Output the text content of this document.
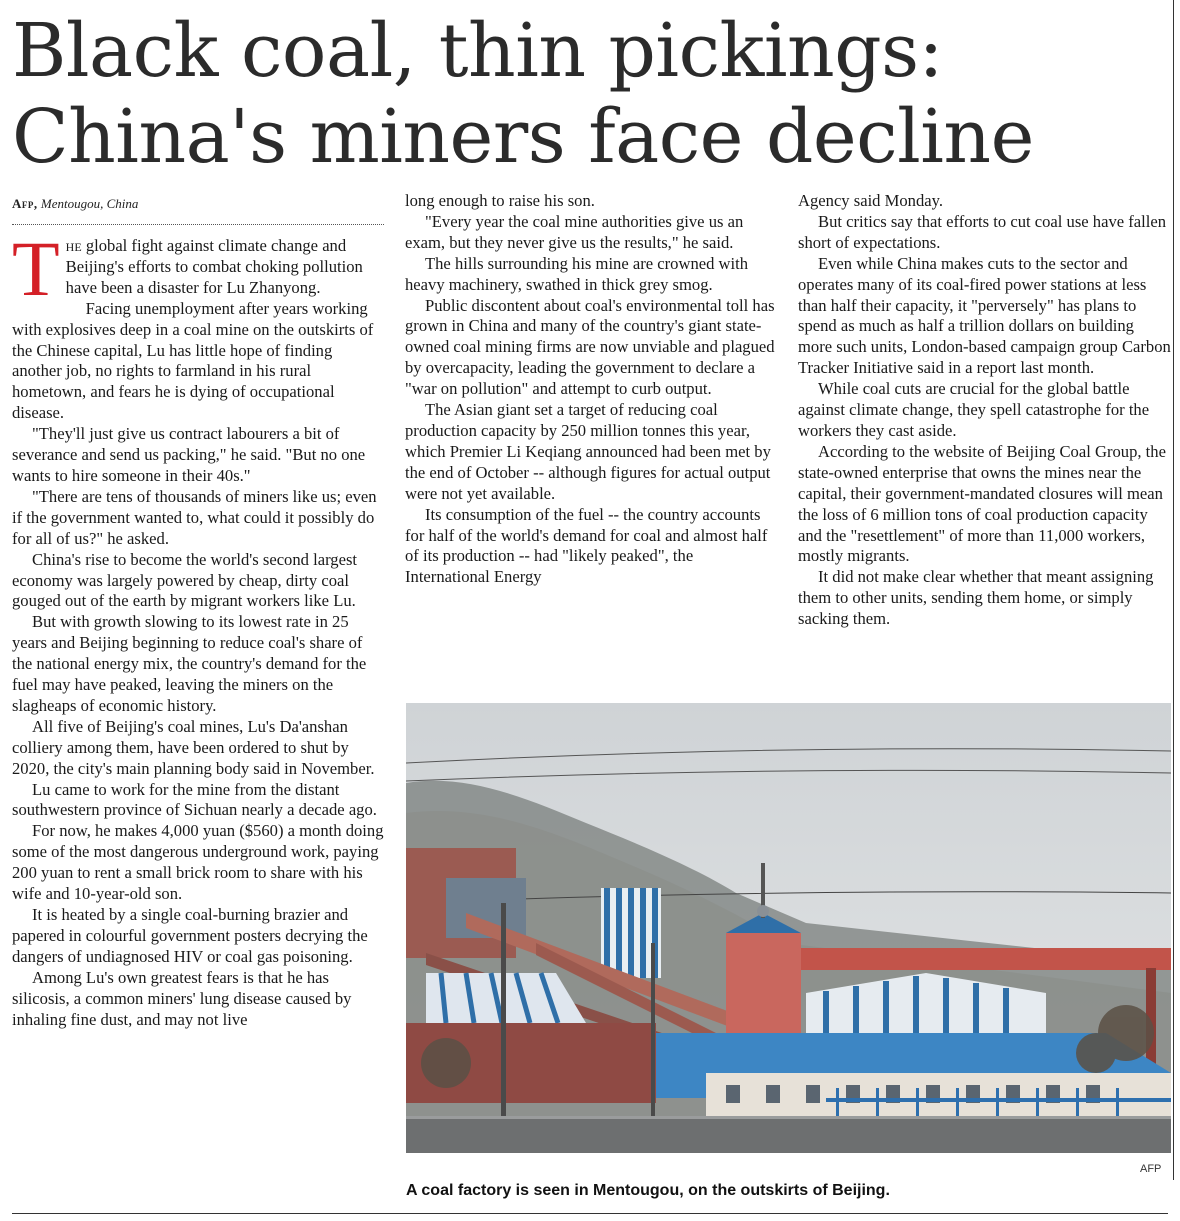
Black coal, thin pickings: China's miners face decline
Afp, Mentougou, China

T he global fight against climate change and Beijing's efforts to combat choking pollution have been a disaster for Lu Zhanyong.

Facing unemployment after years working with explosives deep in a coal mine on the outskirts of the Chinese capital, Lu has little hope of finding another job, no rights to farmland in his rural hometown, and fears he is dying of occupational disease.

"They'll just give us contract labourers a bit of severance and send us packing," he said. "But no one wants to hire someone in their 40s."

"There are tens of thousands of miners like us; even if the government wanted to, what could it possibly do for all of us?" he asked.

China's rise to become the world's second largest economy was largely powered by cheap, dirty coal gouged out of the earth by migrant workers like Lu.

But with growth slowing to its lowest rate in 25 years and Beijing beginning to reduce coal's share of the national energy mix, the country's demand for the fuel may have peaked, leaving the miners on the slagheaps of economic history.

All five of Beijing's coal mines, Lu's Da'anshan colliery among them, have been ordered to shut by 2020, the city's main planning body said in November.

Lu came to work for the mine from the distant southwestern province of Sichuan nearly a decade ago.

For now, he makes 4,000 yuan ($560) a month doing some of the most dangerous underground work, paying 200 yuan to rent a small brick room to share with his wife and 10-year-old son.

It is heated by a single coal-burning brazier and papered in colourful government posters decrying the dangers of undiagnosed HIV or coal gas poisoning.

Among Lu's own greatest fears is that he has silicosis, a common miners' lung disease caused by inhaling fine dust, and may not live

long enough to raise his son.

"Every year the coal mine authorities give us an exam, but they never give us the results," he said.

The hills surrounding his mine are crowned with heavy machinery, swathed in thick grey smog.

Public discontent about coal's environmental toll has grown in China and many of the country's giant state-owned coal mining firms are now unviable and plagued by overcapacity, leading the government to declare a "war on pollution" and attempt to curb output.

The Asian giant set a target of reducing coal production capacity by 250 million tonnes this year, which Premier Li Keqiang announced had been met by the end of October -- although figures for actual output were not yet available.

Its consumption of the fuel -- the country accounts for half of the world's demand for coal and almost half of its production -- had "likely peaked", the International Energy

Agency said Monday.

But critics say that efforts to cut coal use have fallen short of expectations.

Even while China makes cuts to the sector and operates many of its coal-fired power stations at less than half their capacity, it "perversely" has plans to spend as much as half a trillion dollars on building more such units, London-based campaign group Carbon Tracker Initiative said in a report last month.

While coal cuts are crucial for the global battle against climate change, they spell catastrophe for the workers they cast aside.

According to the website of Beijing Coal Group, the state-owned enterprise that owns the mines near the capital, their government-mandated closures will mean the loss of 6 million tons of coal production capacity and the "resettlement" of more than 11,000 workers, mostly migrants.

It did not make clear whether that meant assigning them to other units, sending them home, or simply sacking them.

AFP
A coal factory is seen in Mentougou, on the outskirts of Beijing.
